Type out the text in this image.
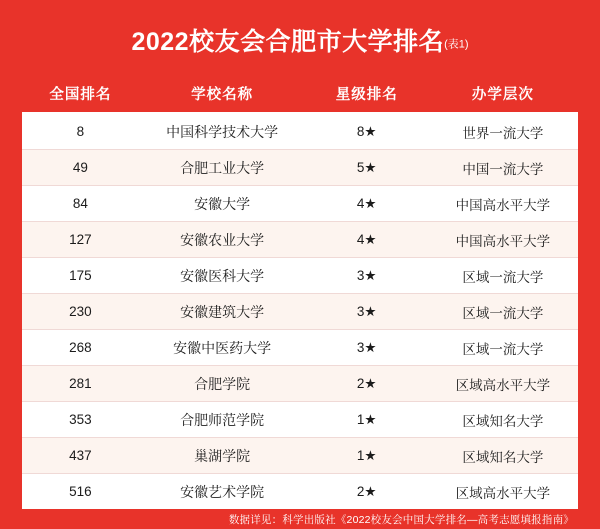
2022校友会合肥市大学排名(表1)
全国排名	学校名称	星级排名	办学层次
8	中国科学技术大学	8★	世界一流大学
49	合肥工业大学	5★	中国一流大学
84	安徽大学	4★	中国高水平大学
127	安徽农业大学	4★	中国高水平大学
175	安徽医科大学	3★	区域一流大学
230	安徽建筑大学	3★	区域一流大学
268	安徽中医药大学	3★	区域一流大学
281	合肥学院	2★	区域高水平大学
353	合肥师范学院	1★	区域知名大学
437	巢湖学院	1★	区域知名大学
516	安徽艺术学院	2★	区域高水平大学
数据详见：科学出版社《2022校友会中国大学排名—高考志愿填报指南》
